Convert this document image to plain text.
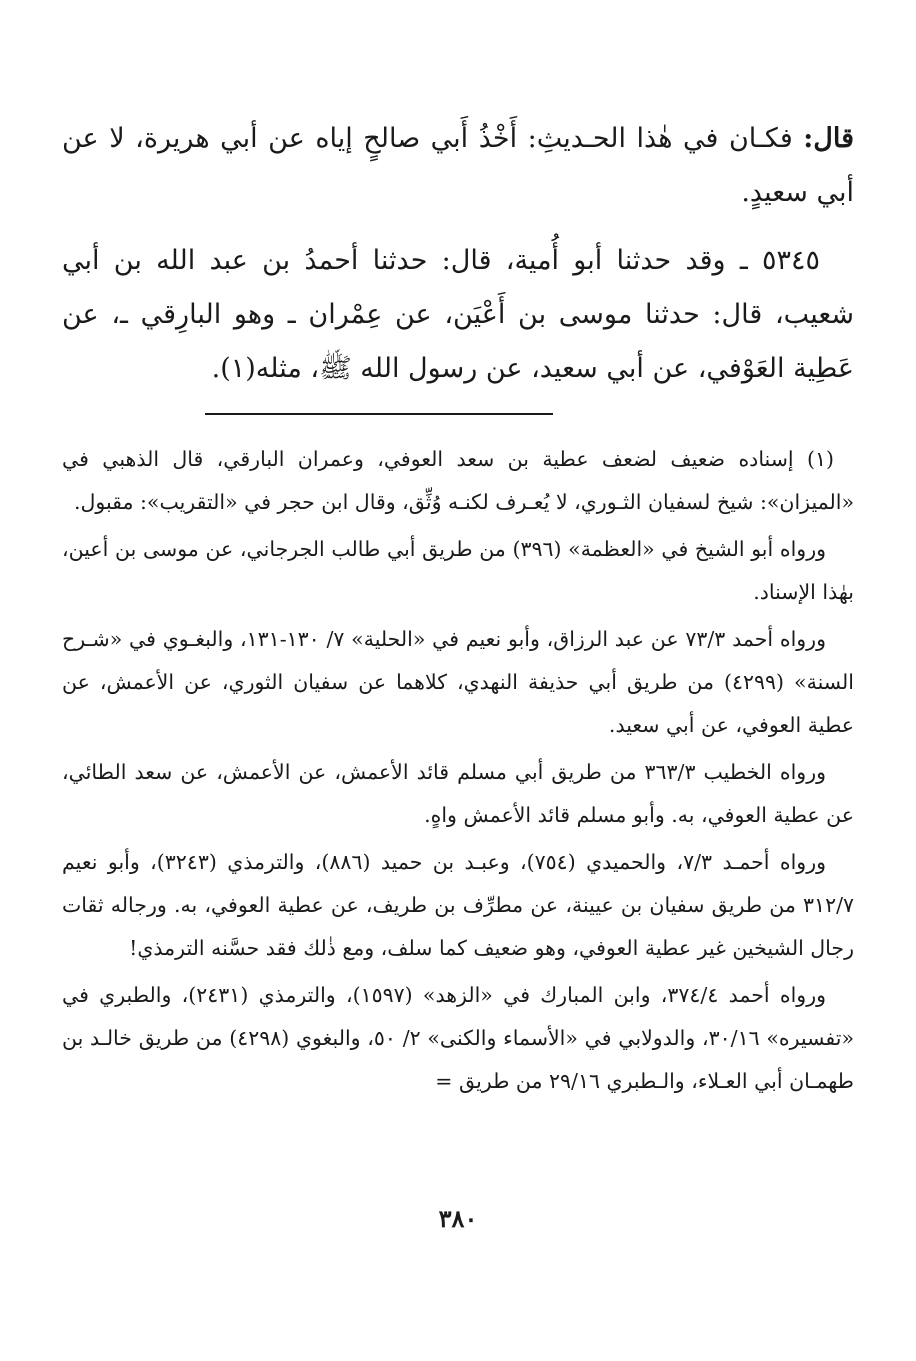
قال: فكـان في هٰذا الحـديثِ: أَخْذُ أَبي صالحٍ إياه عن أبي هريرة، لا عن أبي سعيدٍ.

٥٣٤٥ ـ وقد حدثنا أبو أُمية، قال: حدثنا أحمدُ بن عبد الله بن أبي شعيب، قال: حدثنا موسى بن أَعْيَن، عن عِمْران ـ وهو البارِقي ـ، عن عَطِية العَوْفي، عن أبي سعيد، عن رسول الله ﷺ، مثله(١).

(١) إسناده ضعيف لضعف عطية بن سعد العوفي، وعمران البارقي، قال الذهبي في «الميزان»: شيخ لسفيان الثـوري، لا يُعـرف لكنـه وُثِّق، وقال ابن حجر في «التقريب»: مقبول.

ورواه أبو الشيخ في «العظمة» (٣٩٦) من طريق أبي طالب الجرجاني، عن موسى بن أعين، بهٰذا الإسناد.

ورواه أحمد ٧٣/٣ عن عبد الرزاق، وأبو نعيم في «الحلية» ٧/ ١٣٠-١٣١، والبغـوي في «شـرح السنة» (٤٢٩٩) من طريق أبي حذيفة النهدي، كلاهما عن سفيان الثوري، عن الأعمش، عن عطية العوفي، عن أبي سعيد.

ورواه الخطيب ٣٦٣/٣ من طريق أبي مسلم قائد الأعمش، عن الأعمش، عن سعد الطائي، عن عطية العوفي، به. وأبو مسلم قائد الأعمش واهٍ.

ورواه أحمـد ٧/٣، والحميدي (٧٥٤)، وعبـد بن حميد (٨٨٦)، والترمذي (٣٢٤٣)، وأبو نعيم ٣١٢/٧ من طريق سفيان بن عيينة، عن مطرِّف بن طريف، عن عطية العوفي، به. ورجاله ثقات رجال الشيخين غير عطية العوفي، وهو ضعيف كما سلف، ومع ذٰلك فقد حسَّنه الترمذي!

ورواه أحمد ٣٧٤/٤، وابن المبارك في «الزهد» (١٥٩٧)، والترمذي (٢٤٣١)، والطبري في «تفسيره» ٣٠/١٦، والدولابي في «الأسماء والكنى» ٢/ ٥٠، والبغوي (٤٢٩٨) من طريق خالـد بن طهمـان أبي العـلاء، والـطبري ٢٩/١٦ من طريق =

٣٨٠
